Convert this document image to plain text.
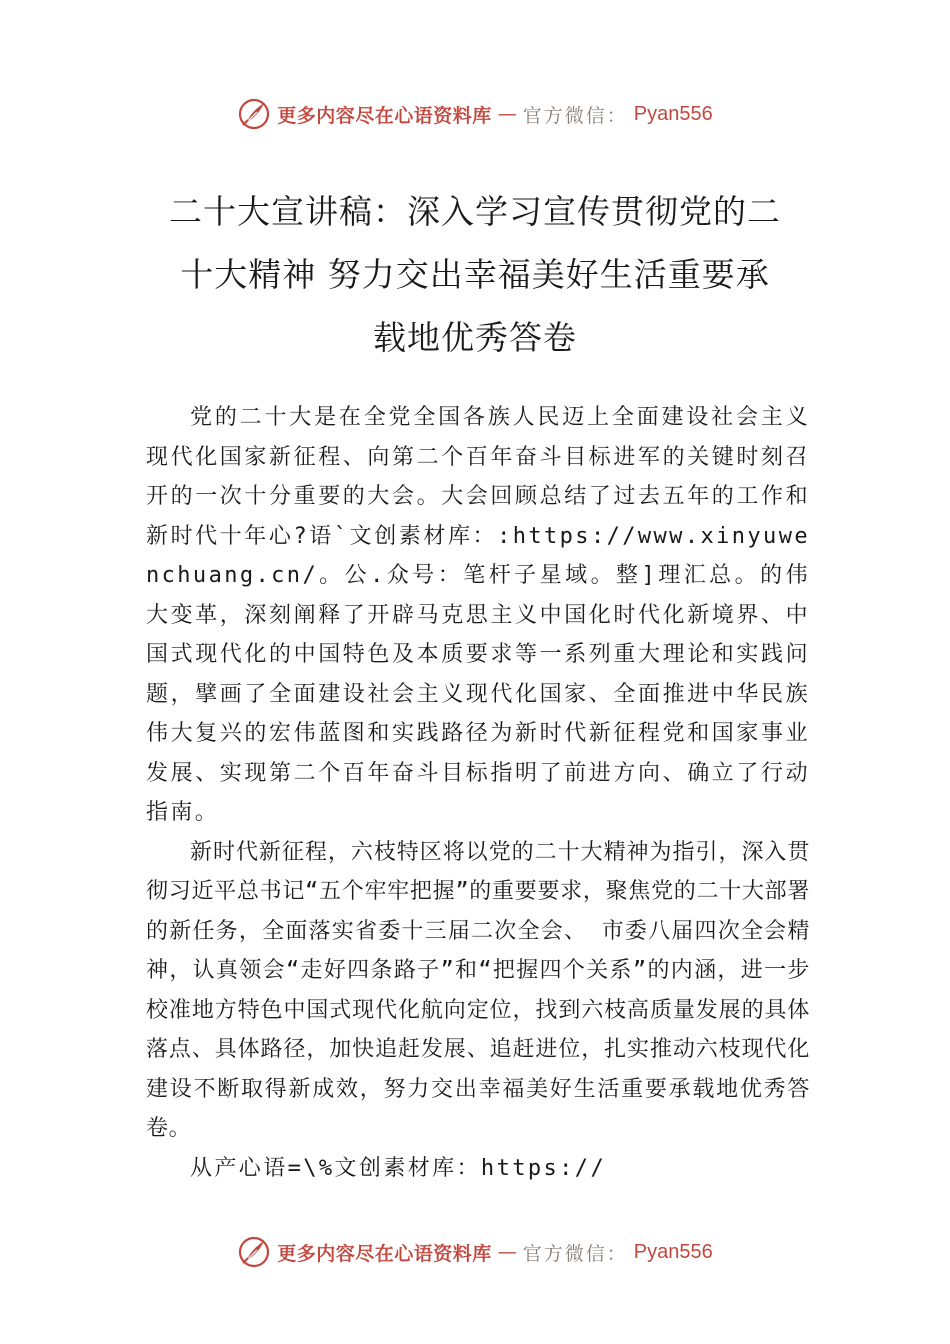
更多内容尽在心语资料库 — 官方微信： Pyan556
二十大宣讲稿：深入学习宣传贯彻党的二
十大精神 努力交出幸福美好生活重要承
载地优秀答卷

党的二十大是在全党全国各族人民迈上全面建设社会主义现代化国家新征程、向第二个百年奋斗目标进军的关键时刻召开的一次十分重要的大会。大会回顾总结了过去五年的工作和新时代十年心?语`文创素材库：:https://www.xinyuwenchuang.cn/。公.众号：笔杆子星域。整]理汇总。的伟大变革，深刻阐释了开辟马克思主义中国化时代化新境界、中国式现代化的中国特色及本质要求等一系列重大理论和实践问题，擘画了全面建设社会主义现代化国家、全面推进中华民族伟大复兴的宏伟蓝图和实践路径为新时代新征程党和国家事业发展、实现第二个百年奋斗目标指明了前进方向、确立了行动指南。

新时代新征程，六枝特区将以党的二十大精神为指引，深入贯彻习近平总书记“五个牢牢把握”的重要要求，聚焦党的二十大部署的新任务，全面落实省委十三届二次全会、 市委八届四次全会精神，认真领会“走好四条路子”和“把握四个关系”的内涵，进一步校准地方特色中国式现代化航向定位，找到六枝高质量发展的具体落点、具体路径，加快追赶发展、追赶进位，扎实推动六枝现代化建设不断取得新成效，努力交出幸福美好生活重要承载地优秀答卷。

从产心语=\%文创素材库：https://

更多内容尽在心语资料库 — 官方微信： Pyan556
